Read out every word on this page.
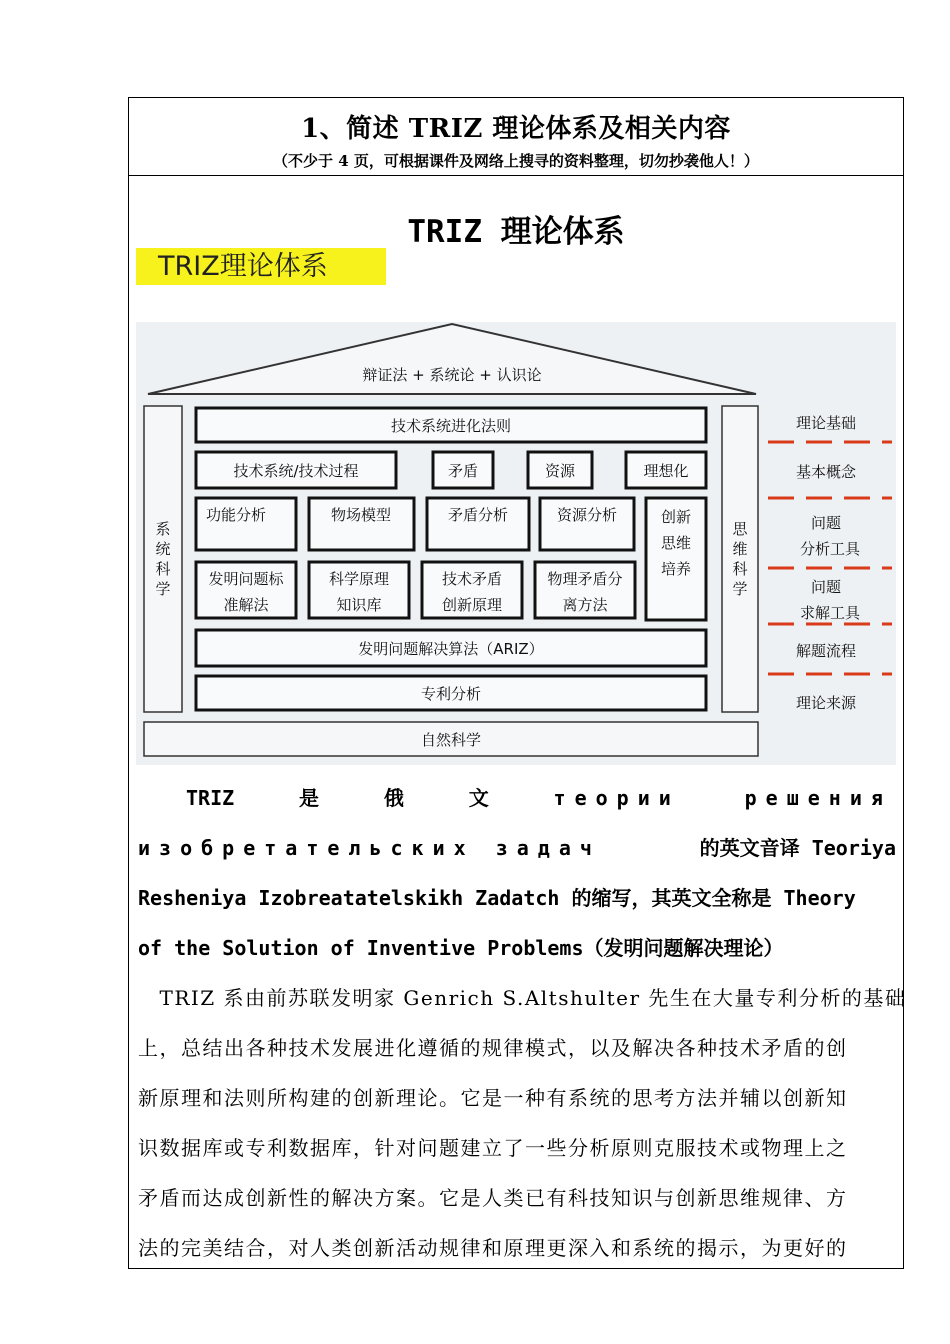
1、简述 TRIZ 理论体系及相关内容
（不少于 4 页，可根据课件及网络上搜寻的资料整理，切勿抄袭他人！）
TRIZ 理论体系
TRIZ理论体系
辩证法 + 系统论 + 认识论
系统科学
思维科学
技术系统进化法则
技术系统/技术过程	矛盾	资源	理想化
功能分析	物场模型	矛盾分析	资源分析	创新思维培养
发明问题标
准解法
科学原理
知识库
技术矛盾
创新原理
物理矛盾分
离方法
发明问题解决算法（ARIZ）
专利分析
自然科学
理论基础
基本概念
问题
分析工具
问题
求解工具
解题流程
理论来源
TRIZ	是	俄	文	теории	решения
изобретательских задач	的英文音译 Teoriya
Resheniya Izobreatatelskikh Zadatch 的缩写，其英文全称是 Theory
of the Solution of Inventive Problems（发明问题解决理论）
　TRIZ 系由前苏联发明家 Genrich S.Altshulter 先生在大量专利分析的基础
上，总结出各种技术发展进化遵循的规律模式，以及解决各种技术矛盾的创
新原理和法则所构建的创新理论。它是一种有系统的思考方法并辅以创新知
识数据库或专利数据库，针对问题建立了一些分析原则克服技术或物理上之
矛盾而达成创新性的解决方案。它是人类已有科技知识与创新思维规律、方
法的完美结合，对人类创新活动规律和原理更深入和系统的揭示，为更好的
